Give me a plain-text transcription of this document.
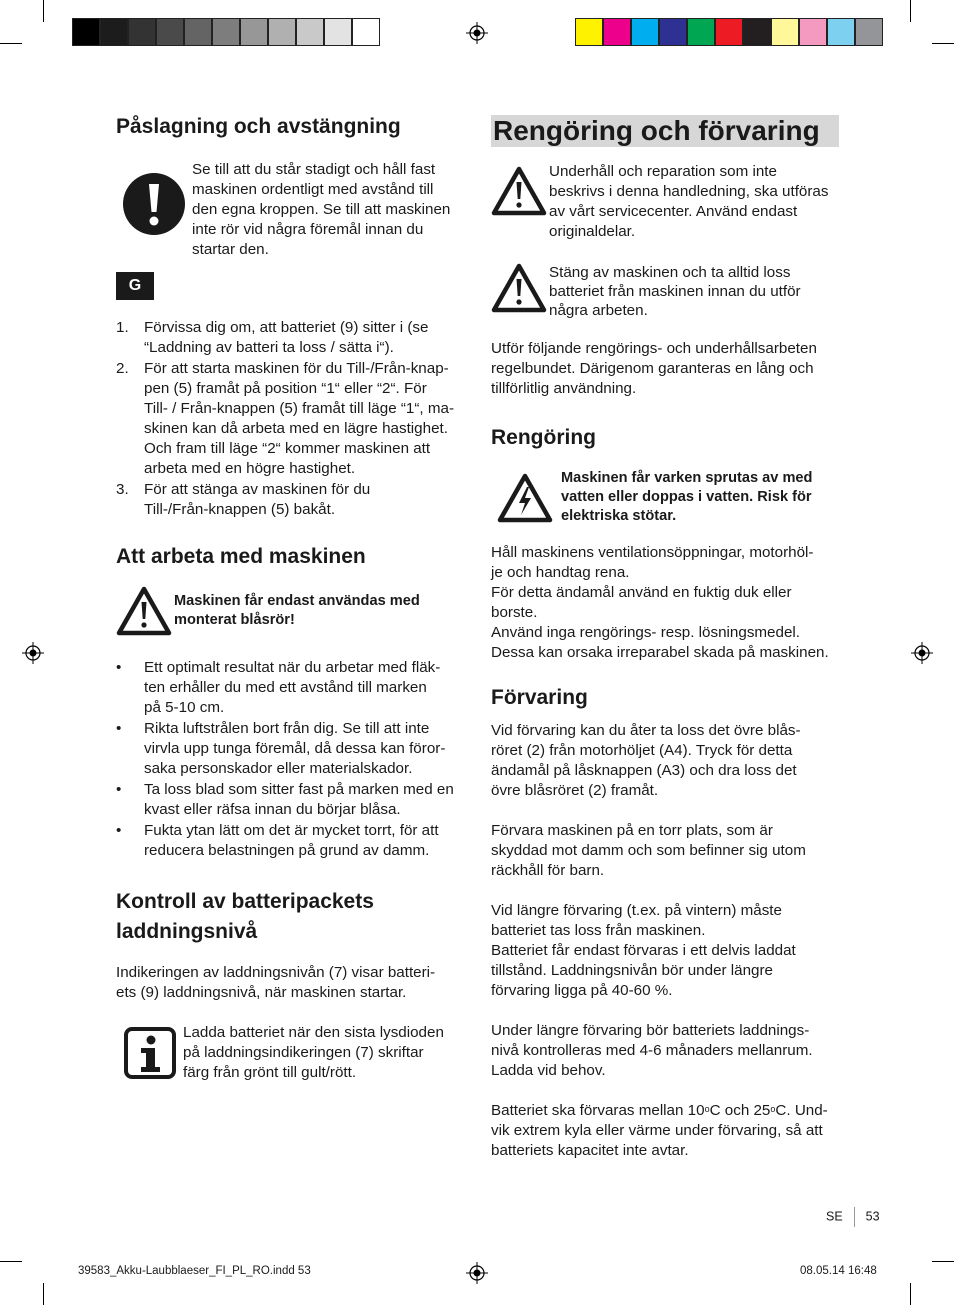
Påslagning och avstängning
Se till att du står stadigt och håll fast
maskinen ordentligt med avstånd till
den egna kroppen. Se till att maskinen
inte rör vid några föremål innan du
startar den.
G
1. Förvissa dig om, att batteriet (9) sitter i (se
“Laddning av batteri ta loss / sätta i“).
2. För att starta maskinen för du Till-/Från-knap-
pen (5) framåt på position “1“ eller “2“. För
Till- / Från-knappen (5) framåt till läge “1“, ma-
skinen kan då arbeta med en lägre hastighet.
Och fram till läge “2“ kommer maskinen att
arbeta med en högre hastighet.
3. För att stänga av maskinen för du
Till-/Från-knappen (5) bakåt.
Att arbeta med maskinen
Maskinen får endast användas med
monterat blåsrör!
• Ett optimalt resultat när du arbetar med fläk-
ten erhåller du med ett avstånd till marken
på 5-10 cm.
• Rikta luftstrålen bort från dig. Se till att inte
virvla upp tunga föremål, då dessa kan föror-
saka personskador eller materialskador.
• Ta loss blad som sitter fast på marken med en
kvast eller räfsa innan du börjar blåsa.
• Fukta ytan lätt om det är mycket torrt, för att
reducera belastningen på grund av damm.
Kontroll av batteripackets
laddningsnivå
Indikeringen av laddningsnivån (7) visar batteri-
ets (9) laddningsnivå, när maskinen startar.
Ladda batteriet när den sista lysdioden
på laddningsindikeringen (7) skriftar
färg från grönt till gult/rött.
Rengöring och förvaring
Underhåll och reparation som inte
beskrivs i denna handledning, ska utföras
av vårt servicecenter. Använd endast
originaldelar.
Stäng av maskinen och ta alltid loss
batteriet från maskinen innan du utför
några arbeten.
Utför följande rengörings- och underhållsarbeten
regelbundet. Därigenom garanteras en lång och
tillförlitlig användning.
Rengöring
Maskinen får varken sprutas av med
vatten eller doppas i vatten. Risk för
elektriska stötar.
Håll maskinens ventilationsöppningar, motorhöl-
je och handtag rena.
För detta ändamål använd en fuktig duk eller
borste.
Använd inga rengörings- resp. lösningsmedel.
Dessa kan orsaka irreparabel skada på maskinen.
Förvaring
Vid förvaring kan du åter ta loss det övre blås-
röret (2) från motorhöljet (A4). Tryck för detta
ändamål på låsknappen (A3) och dra loss det
övre blåsröret (2) framåt.
Förvara maskinen på en torr plats, som är
skyddad mot damm och som befinner sig utom
räckhåll för barn.
Vid längre förvaring (t.ex. på vintern) måste
batteriet tas loss från maskinen.
Batteriet får endast förvaras i ett delvis laddat
tillstånd. Laddningsnivån bör under längre
förvaring ligga på 40-60 %.
Under längre förvaring bör batteriets laddnings-
nivå kontrolleras med 4-6 månaders mellanrum.
Ladda vid behov.
Batteriet ska förvaras mellan 10$^o$C och 25$^o$C. Und-
vik extrem kyla eller värme under förvaring, så att
batteriets kapacitet inte avtar.
SE 53
39583_Akku-Laubblaeser_FI_PL_RO.indd 53	08.05.14 16:48
